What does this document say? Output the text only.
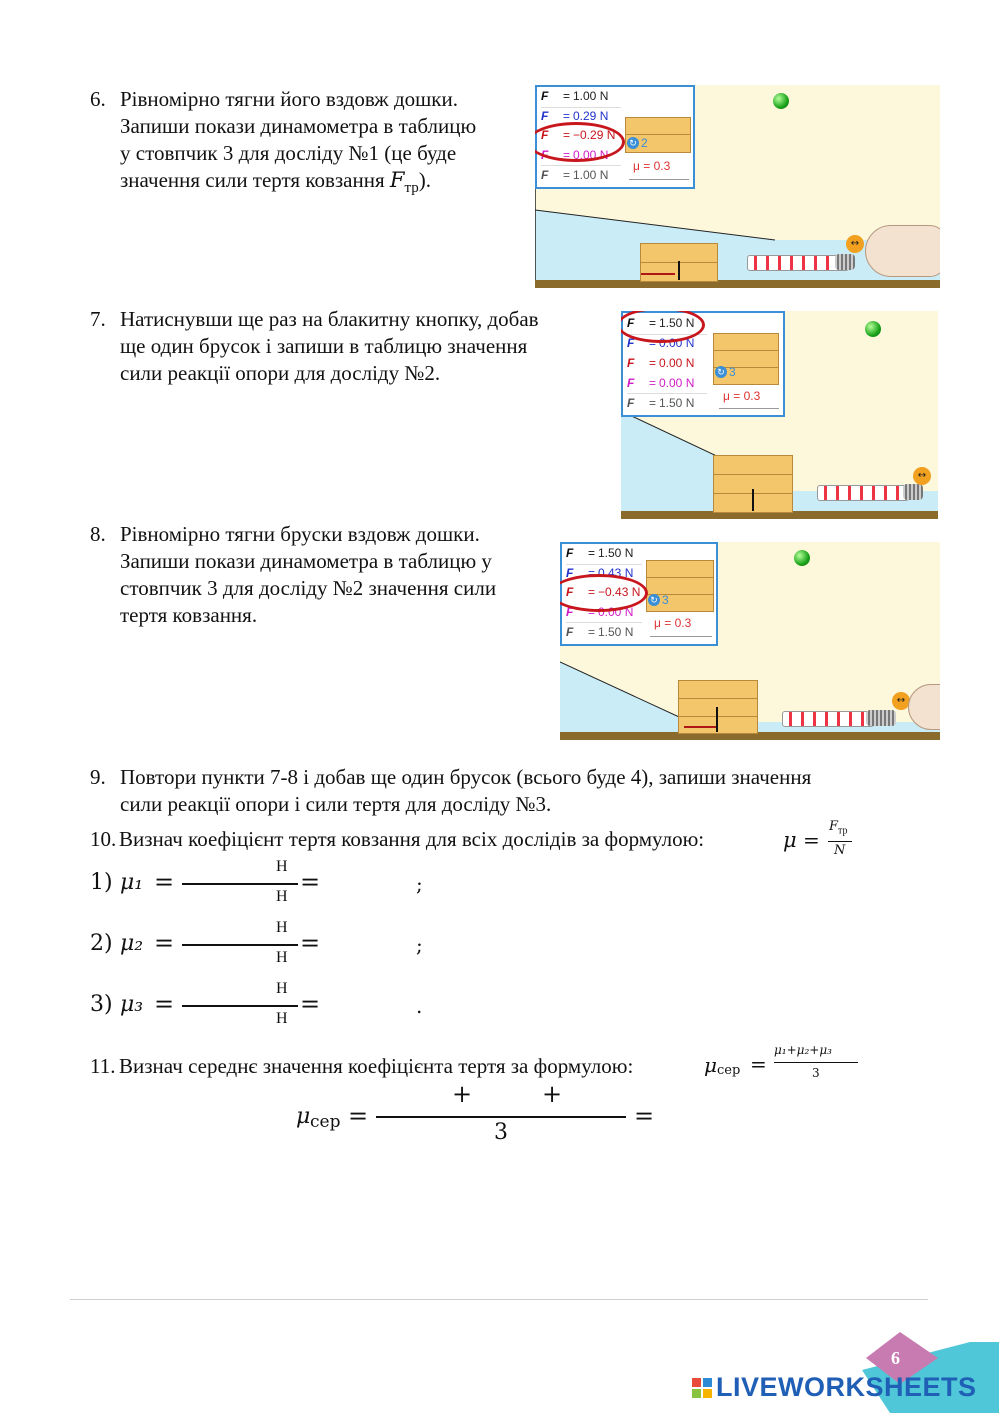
6. Рівномірно тягни його вздовж дошки.
Запиши покази динамометра в таблицю
у стовпчик 3 для досліду №1 (це буде
значення сили тертя ковзання $F_{тр}$).
F = 1.00 N
F = 0.29 N
F = −0.29 N
F = 0.00 N
F = 1.00 N
↻ 2
μ = 0.3
↔
7. Натиснувши ще раз на блакитну кнопку, добав
ще один брусок і запиши в таблицю значення
сили реакції опори для досліду №2.
F = 1.50 N
F = 0.00 N
F = 0.00 N
F = 0.00 N
F = 1.50 N
↻ 3
μ = 0.3
↔
8. Рівномірно тягни бруски вздовж дошки.
Запиши покази динамометра в таблицю у
стовпчик 3 для досліду №2 значення сили
тертя ковзання.
F = 1.50 N
F = 0.43 N
F = −0.43 N
F = 0.00 N
F = 1.50 N
↻ 3
μ = 0.3
↔
9. Повтори пункти 7-8 і добав ще один брусок (всього буде 4), запиши значення
сили реакції опори і сили тертя для досліду №3.
10. Визнач коефіцієнт тертя ковзання для всіх дослідів за формулою:	μ =
$F_{тр}$
N
1) μ₁ =
Н
Н
=	;
2) μ₂ =
Н
Н
=	;
3) μ₃ =
Н
Н
=	.
11. Визнач середнє значення коефіцієнта тертя за формулою:	μ сер =
μ₁+μ₂+μ₃
3
μ сер =
+	+
3
=
6
LIVEWORKSHEETS
